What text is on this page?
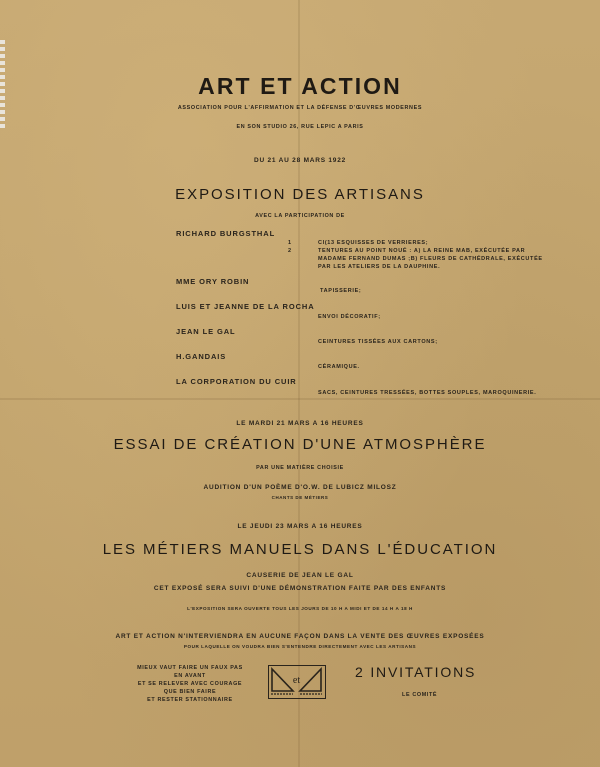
ART ET ACTION
ASSOCIATION POUR L'AFFIRMATION ET LA DÉFENSE D'ŒUVRES MODERNES
EN SON STUDIO 26, RUE LEPIC A PARIS
DU 21 AU 28 MARS 1922
EXPOSITION DES ARTISANS
AVEC LA PARTICIPATION DE
RICHARD BURGSTHAL
1	CI(13 ESQUISSES DE VERRIERES;
2	TENTURES AU POINT NOUÉ : A) LA REINE MAB, EXÉCUTÉE PAR
MADAME FERNAND DUMAS ;B) FLEURS DE CATHÉDRALE, EXÉCUTÉE
PAR LES ATELIERS DE LA DAUPHINE.
MME ORY ROBIN
TAPISSERIE;
LUIS ET JEANNE DE LA ROCHA
ENVOI DÉCORATIF;
JEAN LE GAL
CEINTURES TISSÉES AUX CARTONS;
H.GANDAIS
CÉRAMIQUE.
LA CORPORATION DU CUIR
SACS, CEINTURES TRESSÉES, BOTTES SOUPLES, MAROQUINERIE.
LE MARDI 21 MARS A 16 HEURES
ESSAI DE CRÉATION D'UNE ATMOSPHÈRE
PAR UNE MATIÈRE CHOISIE
AUDITION D'UN POÈME D'O.W. DE LUBICZ MILOSZ
CHANTS DE MÉTIERS
LE JEUDI 23 MARS A 16 HEURES
LES MÉTIERS MANUELS DANS L'ÉDUCATION
CAUSERIE DE JEAN LE GAL
CET EXPOSÉ SERA SUIVI D'UNE DÉMONSTRATION FAITE PAR DES ENFANTS
L'EXPOSITION SERA OUVERTE TOUS LES JOURS DE 10 H A MIDI ET DE 14 H A 18 H
ART ET ACTION N'INTERVIENDRA EN AUCUNE FAÇON DANS LA VENTE DES ŒUVRES EXPOSÉES
POUR LAQUELLE ON VOUDRA BIEN S'ENTENDRE DIRECTEMENT AVEC LES ARTISANS
MIEUX VAUT FAIRE UN FAUX PAS
EN AVANT
ET SE RELEVER AVEC COURAGE
QUE BIEN FAIRE
ET RESTER STATIONNAIRE
et
2 INVITATIONS
LE COMITÉ
